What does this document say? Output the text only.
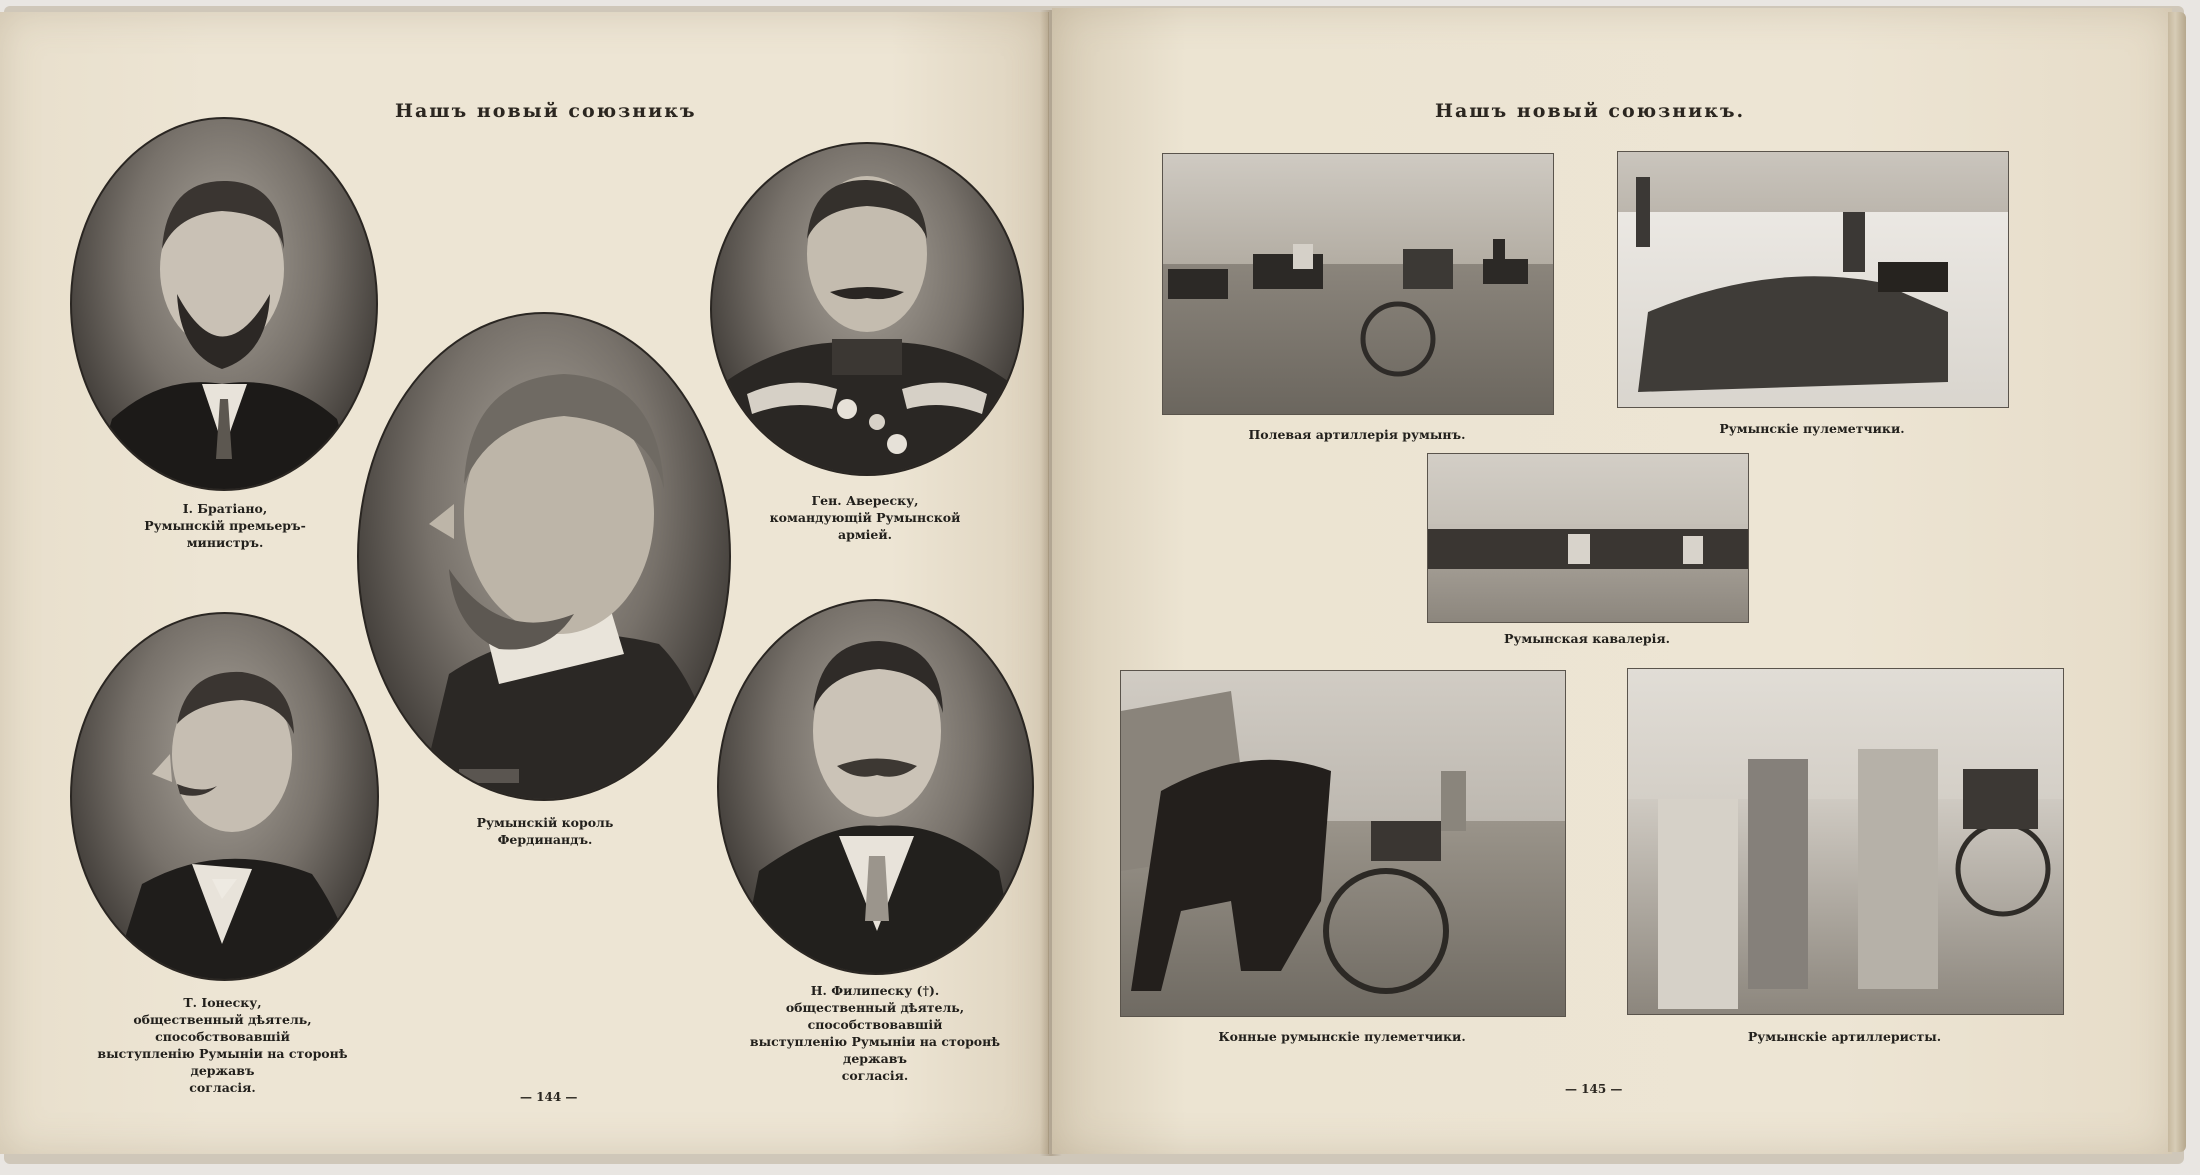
Нашъ новый союзникъ
I. Братiано,
Румынскiй премьеръ-
министръ.
Ген. Авереску,
командующiй Румынской
армiей.
Румынскiй король
Фердинандъ.
Т. Іонеску,
общественный дѣятель, способствовавшiй
выступленiю Румынiи на сторонѣ державъ
согласiя.
Н. Филипеску (†).
общественный дѣятель, способствовавшiй
выступленiю Румынiи на сторонѣ державъ
согласiя.
— 144 —
Нашъ новый союзникъ.
Полевая артиллерiя румынъ.	Румынскiе пулеметчики.
Румынская кавалерiя.
Конные румынскiе пулеметчики.	Румынскiе артиллеристы.
— 145 —
